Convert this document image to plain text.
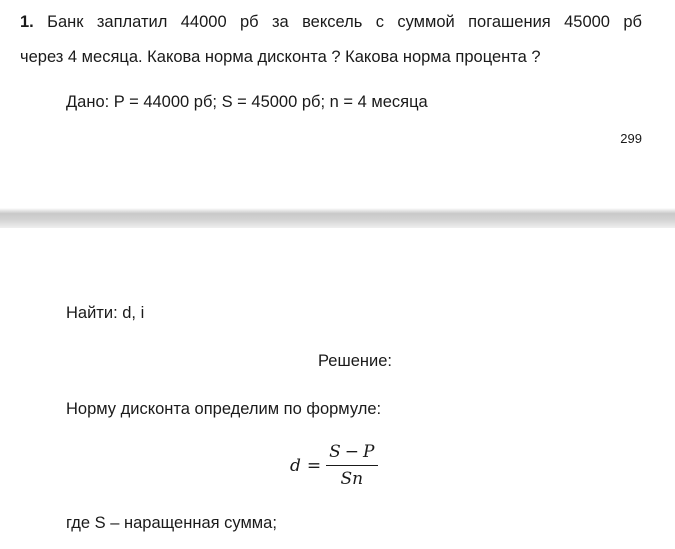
1. Банк заплатил 44000 рб за вексель с суммой погашения 45000 рб
через 4 месяца. Какова норма дисконта ? Какова норма процента ?
Дано: P = 44000 рб; S = 45000 рб; n = 4 месяца
299
Найти: d, i
Решение:
Норму дисконта определим по формуле:
$d = \frac{S - P}{Sn}$
где S – наращенная сумма;
